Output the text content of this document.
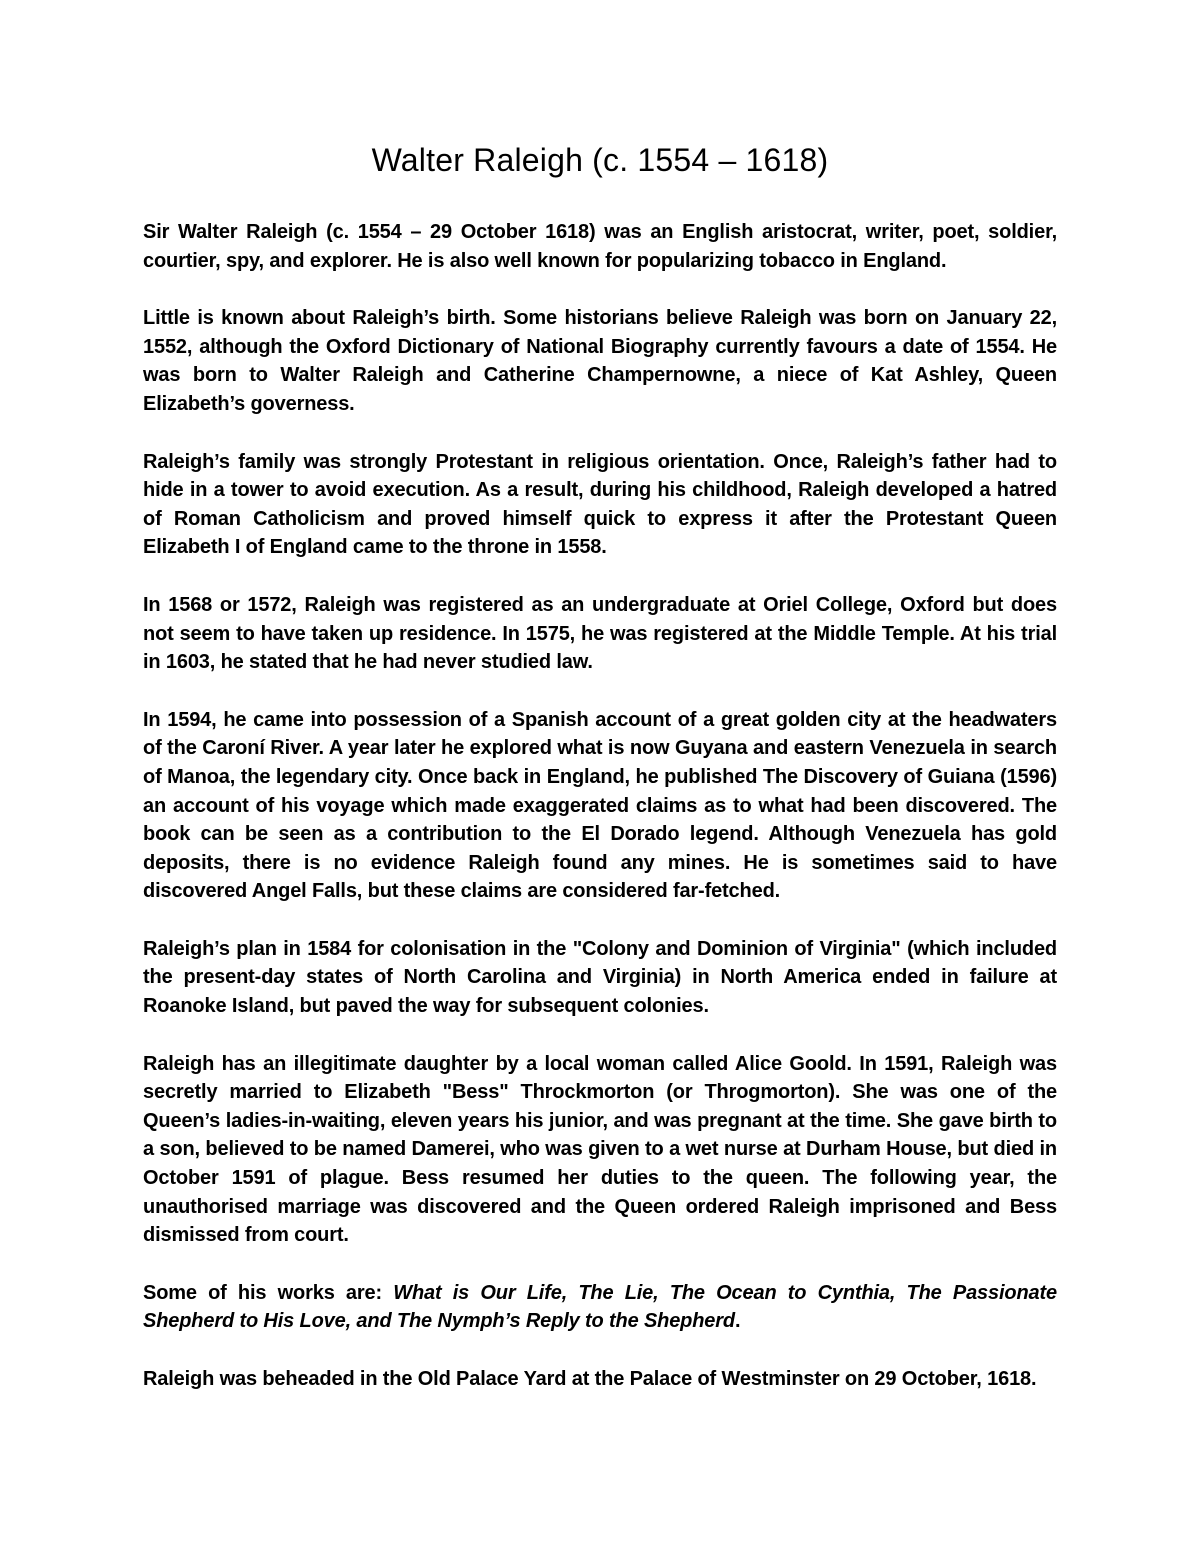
Walter Raleigh (c. 1554 – 1618)

Sir Walter Raleigh (c. 1554 – 29 October 1618) was an English aristocrat, writer, poet, soldier, courtier, spy, and explorer. He is also well known for popularizing tobacco in England.

Little is known about Raleigh’s birth. Some historians believe Raleigh was born on January 22, 1552, although the Oxford Dictionary of National Biography currently favours a date of 1554. He was born to Walter Raleigh and Catherine Champernowne, a niece of Kat Ashley, Queen Elizabeth’s governess.

Raleigh’s family was strongly Protestant in religious orientation. Once, Raleigh’s father had to hide in a tower to avoid execution. As a result, during his childhood, Raleigh developed a hatred of Roman Catholicism and proved himself quick to express it after the Protestant Queen Elizabeth I of England came to the throne in 1558.

In 1568 or 1572, Raleigh was registered as an undergraduate at Oriel College, Oxford but does not seem to have taken up residence. In 1575, he was registered at the Middle Temple. At his trial in 1603, he stated that he had never studied law.

In 1594, he came into possession of a Spanish account of a great golden city at the headwaters of the Caroní River. A year later he explored what is now Guyana and eastern Venezuela in search of Manoa, the legendary city. Once back in England, he published The Discovery of Guiana (1596) an account of his voyage which made exaggerated claims as to what had been discovered. The book can be seen as a contribution to the El Dorado legend. Although Venezuela has gold deposits, there is no evidence Raleigh found any mines. He is sometimes said to have discovered Angel Falls, but these claims are considered far-fetched.

Raleigh’s plan in 1584 for colonisation in the "Colony and Dominion of Virginia" (which included the present-day states of North Carolina and Virginia) in North America ended in failure at Roanoke Island, but paved the way for subsequent colonies.

Raleigh has an illegitimate daughter by a local woman called Alice Goold. In 1591, Raleigh was secretly married to Elizabeth "Bess" Throckmorton (or Throgmorton). She was one of the Queen’s ladies-in-waiting, eleven years his junior, and was pregnant at the time. She gave birth to a son, believed to be named Damerei, who was given to a wet nurse at Durham House, but died in October 1591 of plague. Bess resumed her duties to the queen. The following year, the unauthorised marriage was discovered and the Queen ordered Raleigh imprisoned and Bess dismissed from court.

Some of his works are: What is Our Life, The Lie, The Ocean to Cynthia, The Passionate Shepherd to His Love, and The Nymph’s Reply to the Shepherd.

Raleigh was beheaded in the Old Palace Yard at the Palace of Westminster on 29 October, 1618.
